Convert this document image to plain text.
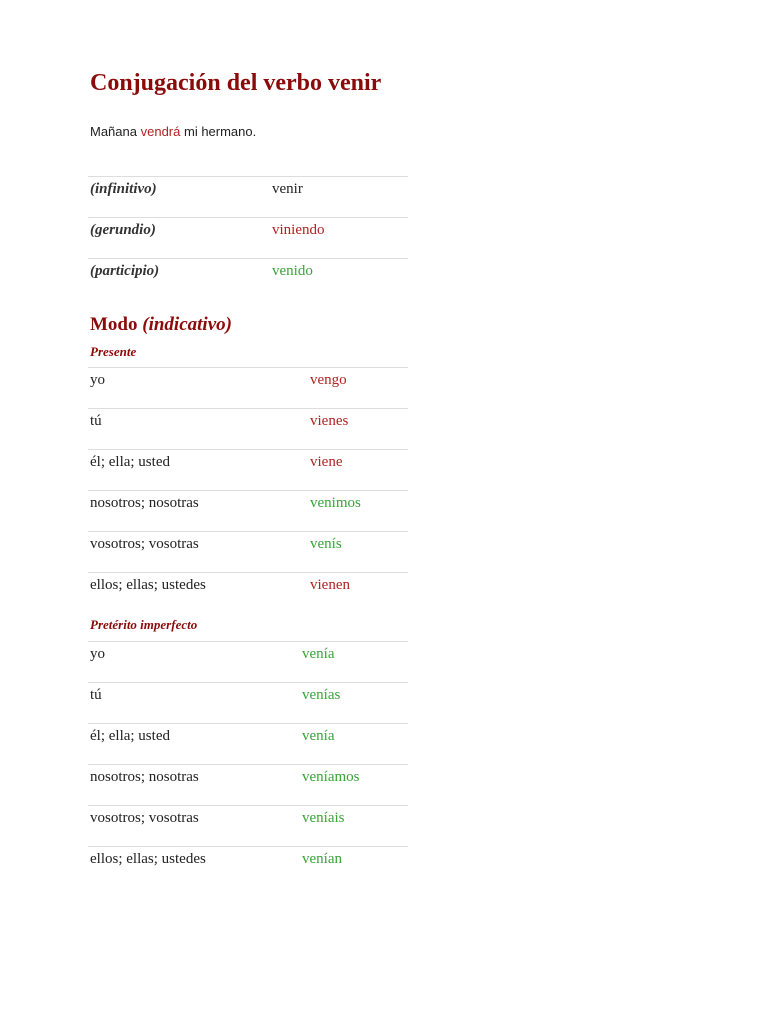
Conjugación del verbo venir
Mañana vendrá mi hermano.
(infinitivo)	venir

(gerundio)	viniendo

(participio)	venido
Modo (indicativo)
Presente
yo	vengo

tú	vienes

él; ella; usted	viene

nosotros; nosotras	venimos

vosotros; vosotras	venís

ellos; ellas; ustedes	vienen
Pretérito imperfecto
yo	venía

tú	venías

él; ella; usted	venía

nosotros; nosotras	veníamos

vosotros; vosotras	veníais

ellos; ellas; ustedes	venían
